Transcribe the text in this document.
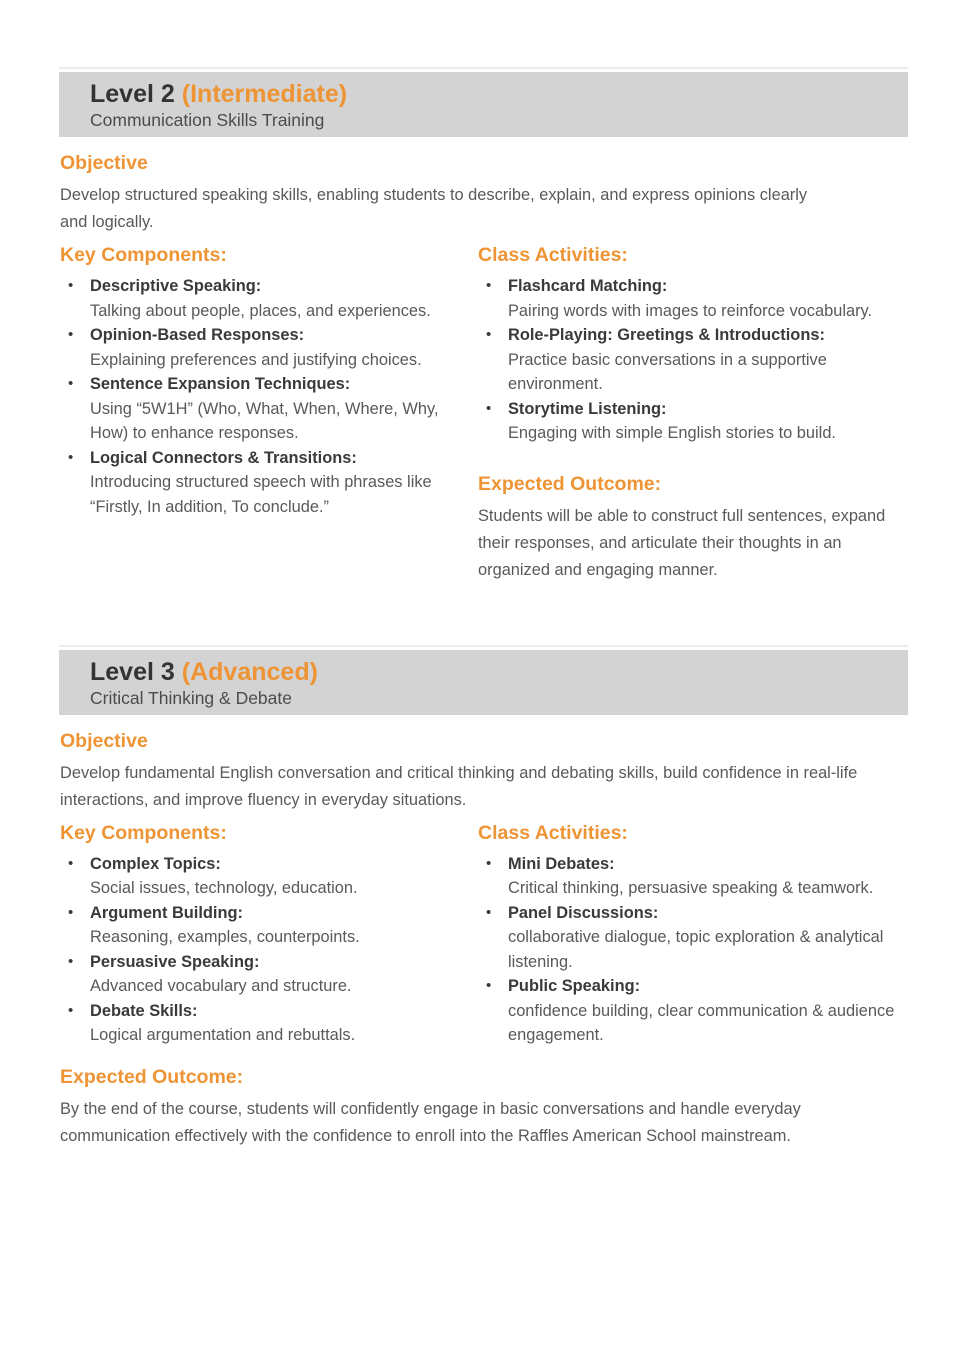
Level 2 (Intermediate)
Communication Skills Training
Objective

Develop structured speaking skills, enabling students to describe, explain, and express opinions clearly and logically.

Key Components:
•	Descriptive Speaking:
Talking about people, places, and experiences.
•	Opinion-Based Responses:
Explaining preferences and justifying choices.
•	Sentence Expansion Techniques:
Using “5W1H” (Who, What, When, Where, Why, How) to enhance responses.
•	Logical Connectors & Transitions:
Introducing structured speech with phrases like “Firstly, In addition, To conclude.”
Class Activities:
•	Flashcard Matching:
Pairing words with images to reinforce vocabulary.
•	Role-Playing: Greetings & Introductions:
Practice basic conversations in a supportive environment.
•	Storytime Listening:
Engaging with simple English stories to build.
Expected Outcome:

Students will be able to construct full sentences, expand their responses, and articulate their thoughts in an organized and engaging manner.

Level 3 (Advanced)
Critical Thinking & Debate
Objective

Develop fundamental English conversation and critical thinking and debating skills, build confidence in real-life interactions, and improve fluency in everyday situations.

Key Components:
•	Complex Topics:
Social issues, technology, education.
•	Argument Building:
Reasoning, examples, counterpoints.
•	Persuasive Speaking:
Advanced vocabulary and structure.
•	Debate Skills:
Logical argumentation and rebuttals.
Class Activities:
•	Mini Debates:
Critical thinking, persuasive speaking & teamwork.
•	Panel Discussions:
collaborative dialogue, topic exploration & analytical listening.
•	Public Speaking:
confidence building, clear communication & audience engagement.
Expected Outcome:

By the end of the course, students will confidently engage in basic conversations and handle everyday communication effectively with the confidence to enroll into the Raffles American School mainstream.
